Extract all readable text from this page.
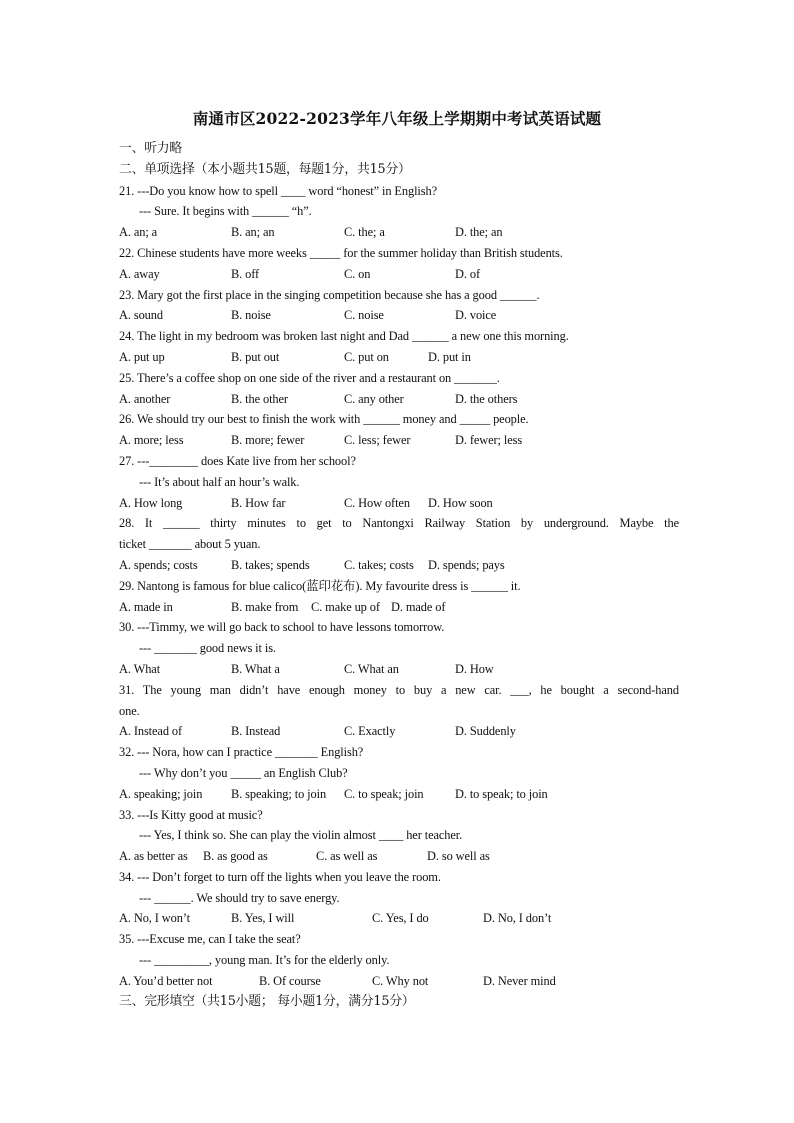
南通市区2022-2023学年八年级上学期期中考试英语试题
一、听力略
二、单项选择（本小题共15题，每题1分，共15分）
21. ---Do you know how to spell ____ word “honest” in English?
--- Sure. It begins with ______ “h”.
A. an; a	B. an; an	C. the; a	D. the; an
22. Chinese students have more weeks _____ for the summer holiday than British students.
A. away	B. off	C. on	D. of
23. Mary got the first place in the singing competition because she has a good ______.
A. sound	B. noise	C. noise	D. voice
24. The light in my bedroom was broken last night and Dad ______ a new one this morning.
A. put up	B. put out	C. put on	D. put in
25. There’s a coffee shop on one side of the river and a restaurant on _______.
A. another	B. the other	C. any other	D. the others
26. We should try our best to finish the work with ______ money and _____ people.
A. more; less	B. more; fewer	C. less; fewer	D. fewer; less
27. ---________ does Kate live from her school?
--- It’s about half an hour’s walk.
A. How long	B. How far	C. How often D. How soon
28. It ______ thirty minutes to get to Nantongxi Railway Station by underground. Maybe the
ticket _______ about 5 yuan.
A. spends; costs	B. takes; spends	C. takes; costs D. spends; pays
29. Nantong is famous for blue calico(蓝印花布). My favourite dress is ______ it.
A. made in	B. make from C. make up of D. made of
30. ---Timmy, we will go back to school to have lessons tomorrow.
--- _______ good news it is.
A. What	B. What a	C. What an	D. How
31. The young man didn’t have enough money to buy a new car. ___, he bought a second-hand
one.
A. Instead of	B. Instead	C. Exactly	D. Suddenly
32. --- Nora, how can I practice _______ English?
--- Why don’t you _____ an English Club?
A. speaking; join B. speaking; to join C. to speak; join	D. to speak; to join
33. ---Is Kitty good at music?
--- Yes, I think so. She can play the violin almost ____ her teacher.
A. as better as B. as good as	C. as well as	D. so well as
34. --- Don’t forget to turn off the lights when you leave the room.
--- ______. We should try to save energy.
A. No, I won’t	B. Yes, I will	C. Yes, I do	D. No, I don’t
35. ---Excuse me, can I take the seat?
--- _________, young man. It’s for the elderly only.
A. You’d better not	B. Of course	C. Why not	D. Never mind
三、完形填空（共15小题； 每小题1分，满分15分）
